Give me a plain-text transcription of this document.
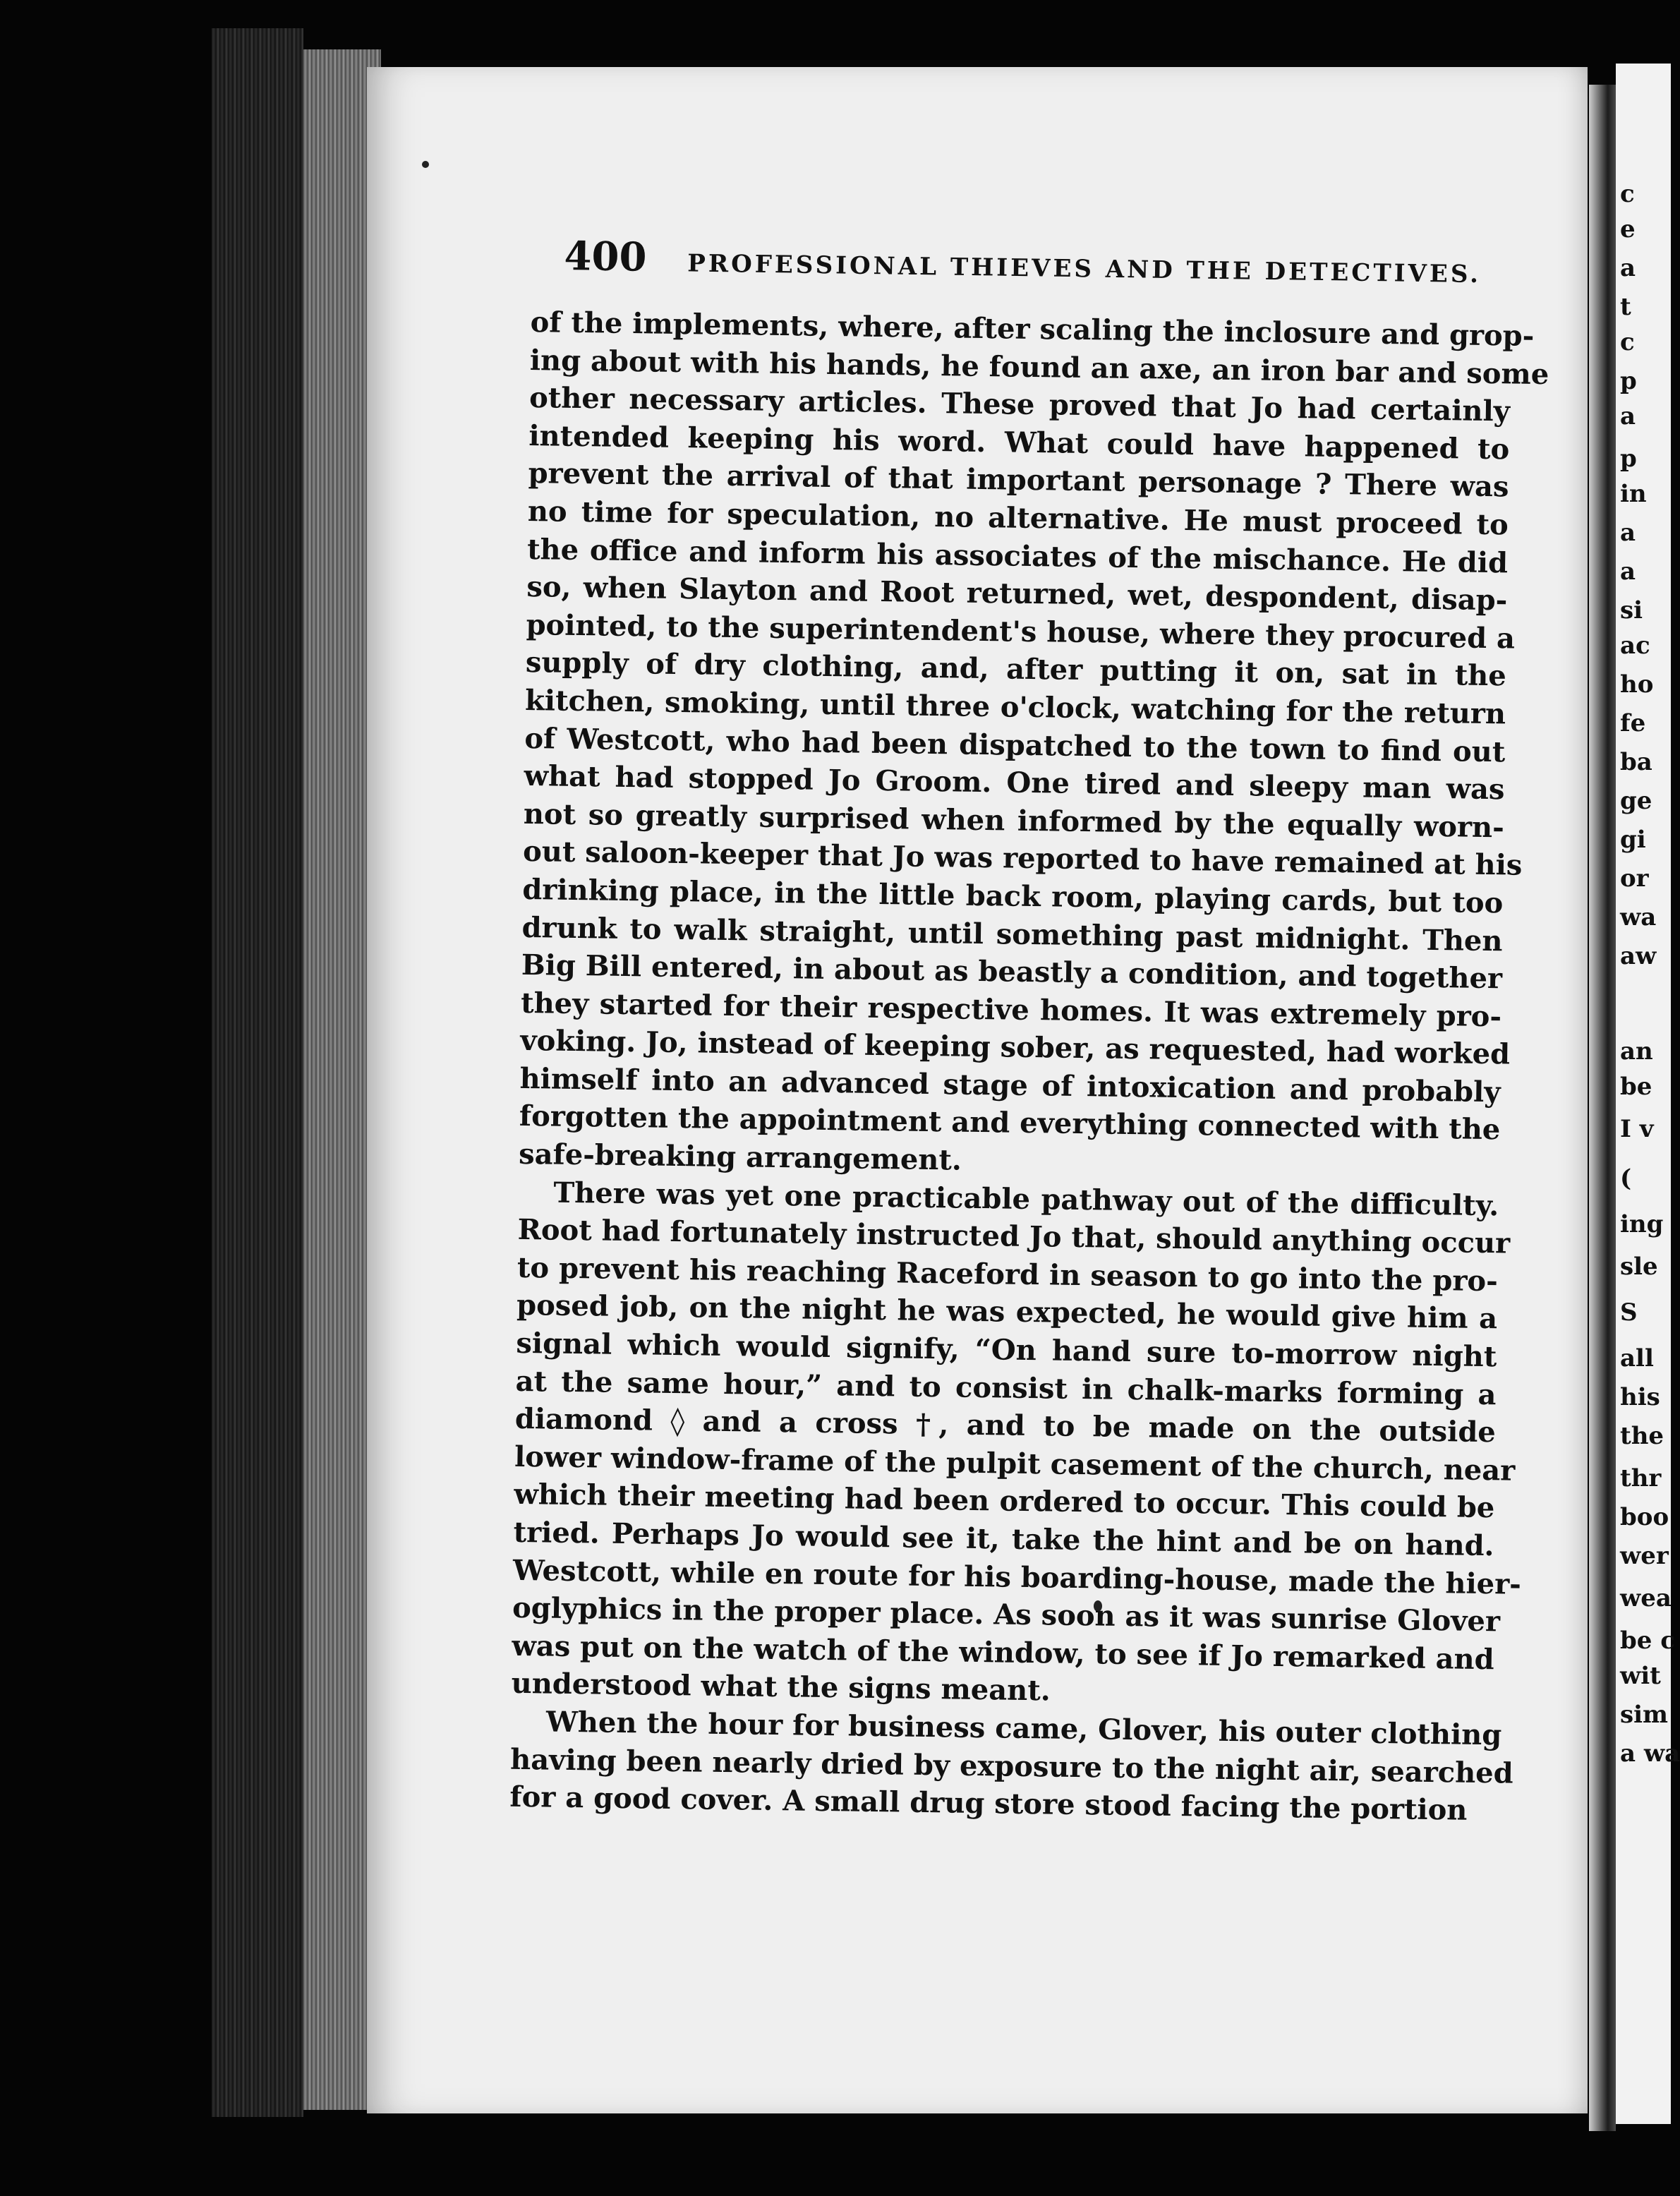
c
e
a
t
c
p
a
p
in
a
a
si
ac
ho
fe
ba
ge
gi
or
wa
aw
an
be
I v
(
ing
sle
S
all
his
the
thr
boo
wer
wea
be c
wit
sim
a wa
400 PROFESSIONAL THIEVES AND THE DETECTIVES.
of the implements, where, after scaling the inclosure and grop-
ing about with his hands, he found an axe, an iron bar and some
other necessary articles. These proved that Jo had certainly
intended keeping his word. What could have happened to
prevent the arrival of that important personage ? There was
no time for speculation, no alternative. He must proceed to
the office and inform his associates of the mischance. He did
so, when Slayton and Root returned, wet, despondent, disap-
pointed, to the superintendent's house, where they procured a
supply of dry clothing, and, after putting it on, sat in the
kitchen, smoking, until three o'clock, watching for the return
of Westcott, who had been dispatched to the town to find out
what had stopped Jo Groom. One tired and sleepy man was
not so greatly surprised when informed by the equally worn-
out saloon-keeper that Jo was reported to have remained at his
drinking place, in the little back room, playing cards, but too
drunk to walk straight, until something past midnight. Then
Big Bill entered, in about as beastly a condition, and together
they started for their respective homes. It was extremely pro-
voking. Jo, instead of keeping sober, as requested, had worked
himself into an advanced stage of intoxication and probably
forgotten the appointment and everything connected with the
safe-breaking arrangement.
There was yet one practicable pathway out of the difficulty.
Root had fortunately instructed Jo that, should anything occur
to prevent his reaching Raceford in season to go into the pro-
posed job, on the night he was expected, he would give him a
signal which would signify, “On hand sure to-morrow night
at the same hour,” and to consist in chalk-marks forming a
diamond ◊ and a cross †, and to be made on the outside
lower window-frame of the pulpit casement of the church, near
which their meeting had been ordered to occur. This could be
tried. Perhaps Jo would see it, take the hint and be on hand.
Westcott, while en route for his boarding-house, made the hier-
oglyphics in the proper place. As soon as it was sunrise Glover
was put on the watch of the window, to see if Jo remarked and
understood what the signs meant.
When the hour for business came, Glover, his outer clothing
having been nearly dried by exposure to the night air, searched
for a good cover. A small drug store stood facing the portion
